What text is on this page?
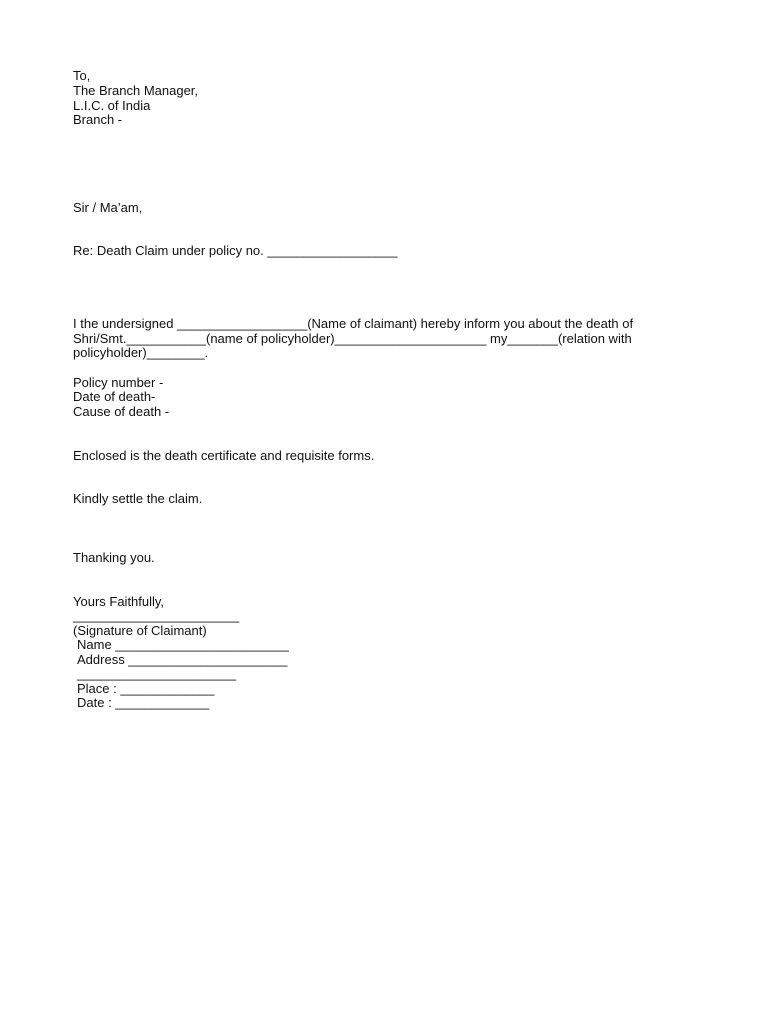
To,
The Branch Manager,
L.I.C. of India
Branch -
Sir / Ma’am,
Re: Death Claim under policy no. __________________
I the undersigned __________________(Name of claimant) hereby inform you about the death of Shri/Smt.___________(name of policyholder)_____________________ my_______(relation with policyholder)________.
Policy number -
Date of death-
Cause of death -
Enclosed is the death certificate and requisite forms.
Kindly settle the claim.
Thanking you.
Yours Faithfully,
_______________________
(Signature of Claimant)
Name ________________________
Address ______________________
______________________
Place : _____________
Date : _____________
